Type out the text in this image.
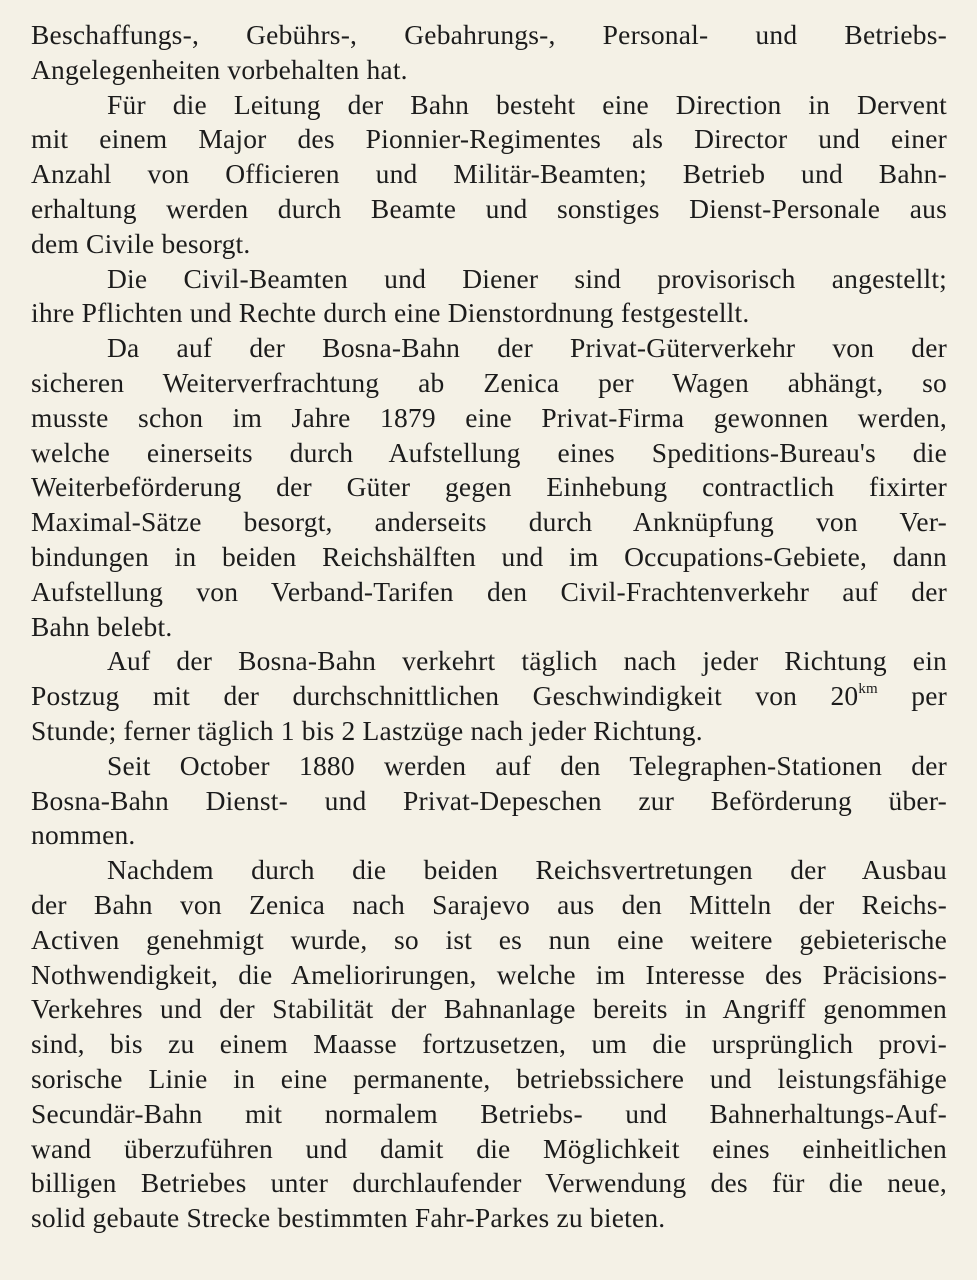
Beschaffungs-, Gebührs-, Gebahrungs-, Personal- und Betriebs-
Angelegenheiten vorbehalten hat.
Für die Leitung der Bahn besteht eine Direction in Dervent
mit einem Major des Pionnier-Regimentes als Director und einer
Anzahl von Officieren und Militär-Beamten; Betrieb und Bahn-
erhaltung werden durch Beamte und sonstiges Dienst-Personale aus
dem Civile besorgt.
Die Civil-Beamten und Diener sind provisorisch angestellt;
ihre Pflichten und Rechte durch eine Dienstordnung festgestellt.
Da auf der Bosna-Bahn der Privat-Güterverkehr von der
sicheren Weiterverfrachtung ab Zenica per Wagen abhängt, so
musste schon im Jahre 1879 eine Privat-Firma gewonnen werden,
welche einerseits durch Aufstellung eines Speditions-Bureau's die
Weiterbeförderung der Güter gegen Einhebung contractlich fixirter
Maximal-Sätze besorgt, anderseits durch Anknüpfung von Ver-
bindungen in beiden Reichshälften und im Occupations-Gebiete, dann
Aufstellung von Verband-Tarifen den Civil-Frachtenverkehr auf der
Bahn belebt.
Auf der Bosna-Bahn verkehrt täglich nach jeder Richtung ein
Postzug mit der durchschnittlichen Geschwindigkeit von $20^{km}$ per
Stunde; ferner täglich 1 bis 2 Lastzüge nach jeder Richtung.
Seit October 1880 werden auf den Telegraphen-Stationen der
Bosna-Bahn Dienst- und Privat-Depeschen zur Beförderung über-
nommen.
Nachdem durch die beiden Reichsvertretungen der Ausbau
der Bahn von Zenica nach Sarajevo aus den Mitteln der Reichs-
Activen genehmigt wurde, so ist es nun eine weitere gebieterische
Nothwendigkeit, die Ameliorirungen, welche im Interesse des Präcisions-
Verkehres und der Stabilität der Bahnanlage bereits in Angriff genommen
sind, bis zu einem Maasse fortzusetzen, um die ursprünglich provi-
sorische Linie in eine permanente, betriebssichere und leistungsfähige
Secundär-Bahn mit normalem Betriebs- und Bahnerhaltungs-Auf-
wand überzuführen und damit die Möglichkeit eines einheitlichen
billigen Betriebes unter durchlaufender Verwendung des für die neue,
solid gebaute Strecke bestimmten Fahr-Parkes zu bieten.
